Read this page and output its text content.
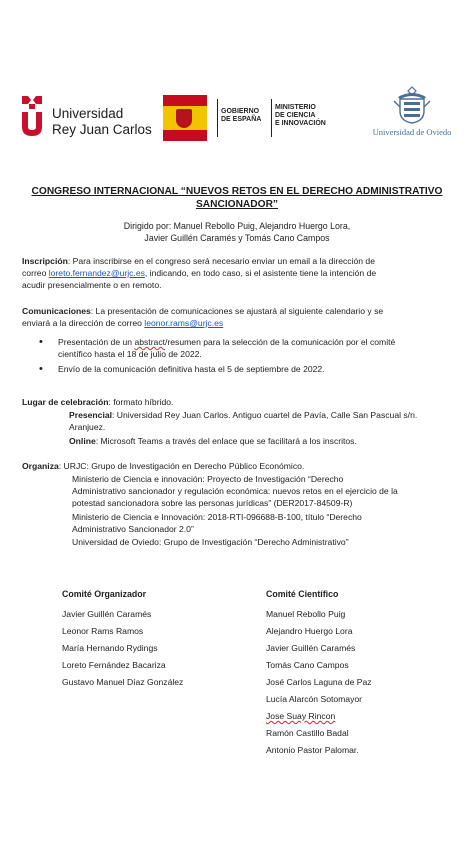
Universidad
Rey Juan Carlos
GOBIERNO
DE ESPAÑA
MINISTERIO
DE CIENCIA
E INNOVACIÓN
Universidad de Oviedo
CONGRESO INTERNACIONAL “NUEVOS RETOS EN EL DERECHO ADMINISTRATIVO
SANCIONADOR”
Dirigido por: Manuel Rebollo Puig, Alejandro Huergo Lora,
Javier Guillén Caramés y Tomás Cano Campos
Inscripción: Para inscribirse en el congreso será necesario enviar un email a la dirección de
correo loreto.fernandez@urjc.es, indicando, en todo caso, si el asistente tiene la intención de
acudir presencialmente o en remoto.
Comunicaciones: La presentación de comunicaciones se ajustará al siguiente calendario y se
enviará a la dirección de correo leonor.rams@urjc.es
• Presentación de un abstract/resumen para la selección de la comunicación por el comité
científico hasta el 18 de julio de 2022.
• Envío de la comunicación definitiva hasta el 5 de septiembre de 2022.
Lugar de celebración: formato híbrido.
Presencial: Universidad Rey Juan Carlos. Antiguo cuartel de Pavía, Calle San Pascual s/n.
Aranjuez.
Online: Microsoft Teams a través del enlace que se facilitará a los inscritos.
Organiza: URJC: Grupo de Investigación en Derecho Público Económico.
Ministerio de Ciencia e innovación: Proyecto de Investigación “Derecho
Administrativo sancionador y regulación económica: nuevos retos en el ejercicio de la
potestad sancionadora sobre las personas jurídicas” (DER2017-84509-R)
Ministerio de Ciencia e Innovación: 2018-RTI-096688-B-100, título “Derecho
Administrativo Sancionador 2.0”
Universidad de Oviedo: Grupo de Investigación “Derecho Administrativo”
Comité Organizador	Comité Científico
Javier Guillén Caramés
Leonor Rams Ramos
María Hernando Rydings
Loreto Fernández Bacariza
Gustavo Manuel Díaz González
Manuel Rebollo Puig
Alejandro Huergo Lora
Javier Guillén Caramés
Tomás Cano Campos
José Carlos Laguna de Paz
Lucía Alarcón Sotomayor
Jose Suay Rincon
Ramón Castillo Badal
Antonio Pastor Palomar.
